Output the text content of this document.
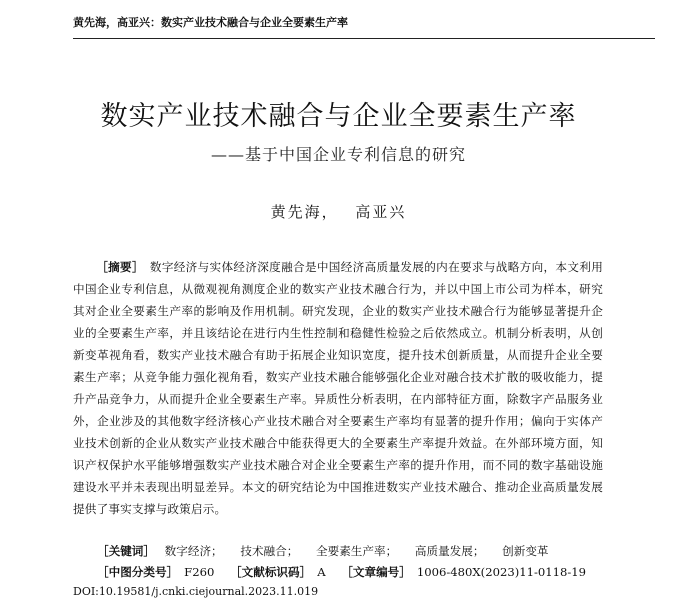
黄先海，高亚兴：数实产业技术融合与企业全要素生产率
数实产业技术融合与企业全要素生产率
——基于中国企业专利信息的研究
黄先海， 高亚兴
［摘要］ 数字经济与实体经济深度融合是中国经济高质量发展的内在要求与战略方向，本文利用中国企业专利信息，从微观视角测度企业的数实产业技术融合行为，并以中国上市公司为样本，研究其对企业全要素生产率的影响及作用机制。研究发现，企业的数实产业技术融合行为能够显著提升企业的全要素生产率，并且该结论在进行内生性控制和稳健性检验之后依然成立。机制分析表明，从创新变革视角看，数实产业技术融合有助于拓展企业知识宽度，提升技术创新质量，从而提升企业全要素生产率；从竞争能力强化视角看，数实产业技术融合能够强化企业对融合技术扩散的吸收能力，提升产品竞争力，从而提升企业全要素生产率。异质性分析表明，在内部特征方面，除数字产品服务业外，企业涉及的其他数字经济核心产业技术融合对全要素生产率均有显著的提升作用；偏向于实体产业技术创新的企业从数实产业技术融合中能获得更大的全要素生产率提升效益。在外部环境方面，知识产权保护水平能够增强数实产业技术融合对企业全要素生产率的提升作用，而不同的数字基础设施建设水平并未表现出明显差异。本文的研究结论为中国推进数实产业技术融合、推动企业高质量发展提供了事实支撑与政策启示。
［关键词］ 数字经济； 技术融合； 全要素生产率； 高质量发展； 创新变革
［中图分类号］ F260 ［文献标识码］ A ［文章编号］ 1006-480X(2023)11-0118-19
DOI:10.19581/j.cnki.ciejournal.2023.11.019
